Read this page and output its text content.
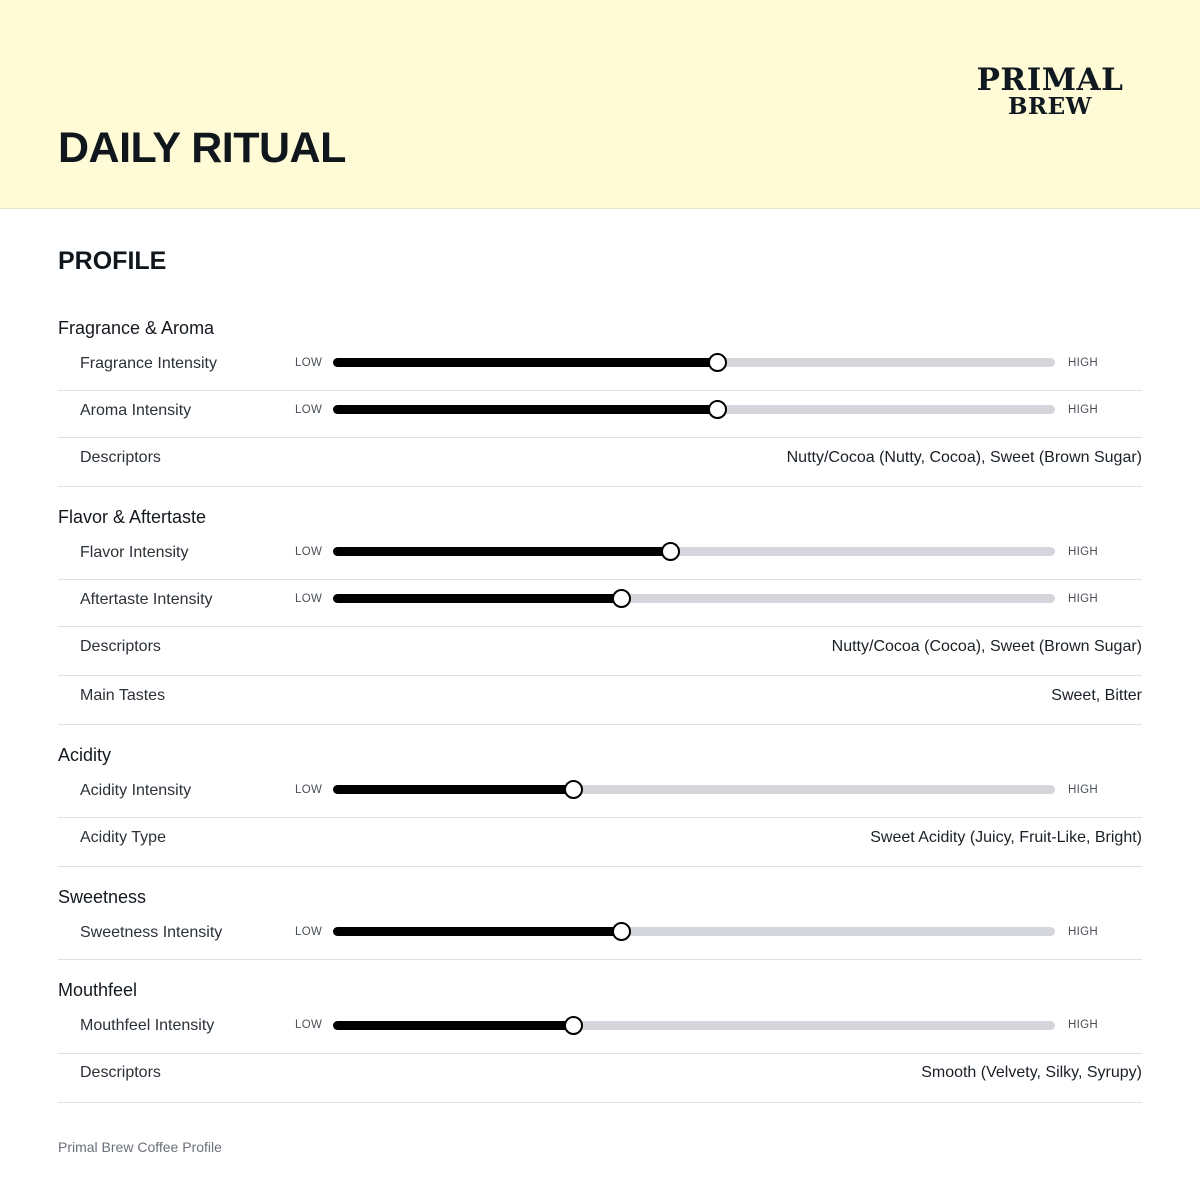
DAILY RITUAL
PRIMAL
BREW
PROFILE
Fragrance & Aroma
Fragrance Intensity	LOW	HIGH
Aroma Intensity	LOW	HIGH
Descriptors	Nutty/Cocoa (Nutty, Cocoa), Sweet (Brown Sugar)
Flavor & Aftertaste
Flavor Intensity	LOW	HIGH
Aftertaste Intensity	LOW	HIGH
Descriptors	Nutty/Cocoa (Cocoa), Sweet (Brown Sugar)
Main Tastes	Sweet, Bitter
Acidity
Acidity Intensity	LOW	HIGH
Acidity Type	Sweet Acidity (Juicy, Fruit-Like, Bright)
Sweetness
Sweetness Intensity	LOW	HIGH
Mouthfeel
Mouthfeel Intensity	LOW	HIGH
Descriptors	Smooth (Velvety, Silky, Syrupy)
Primal Brew Coffee Profile
